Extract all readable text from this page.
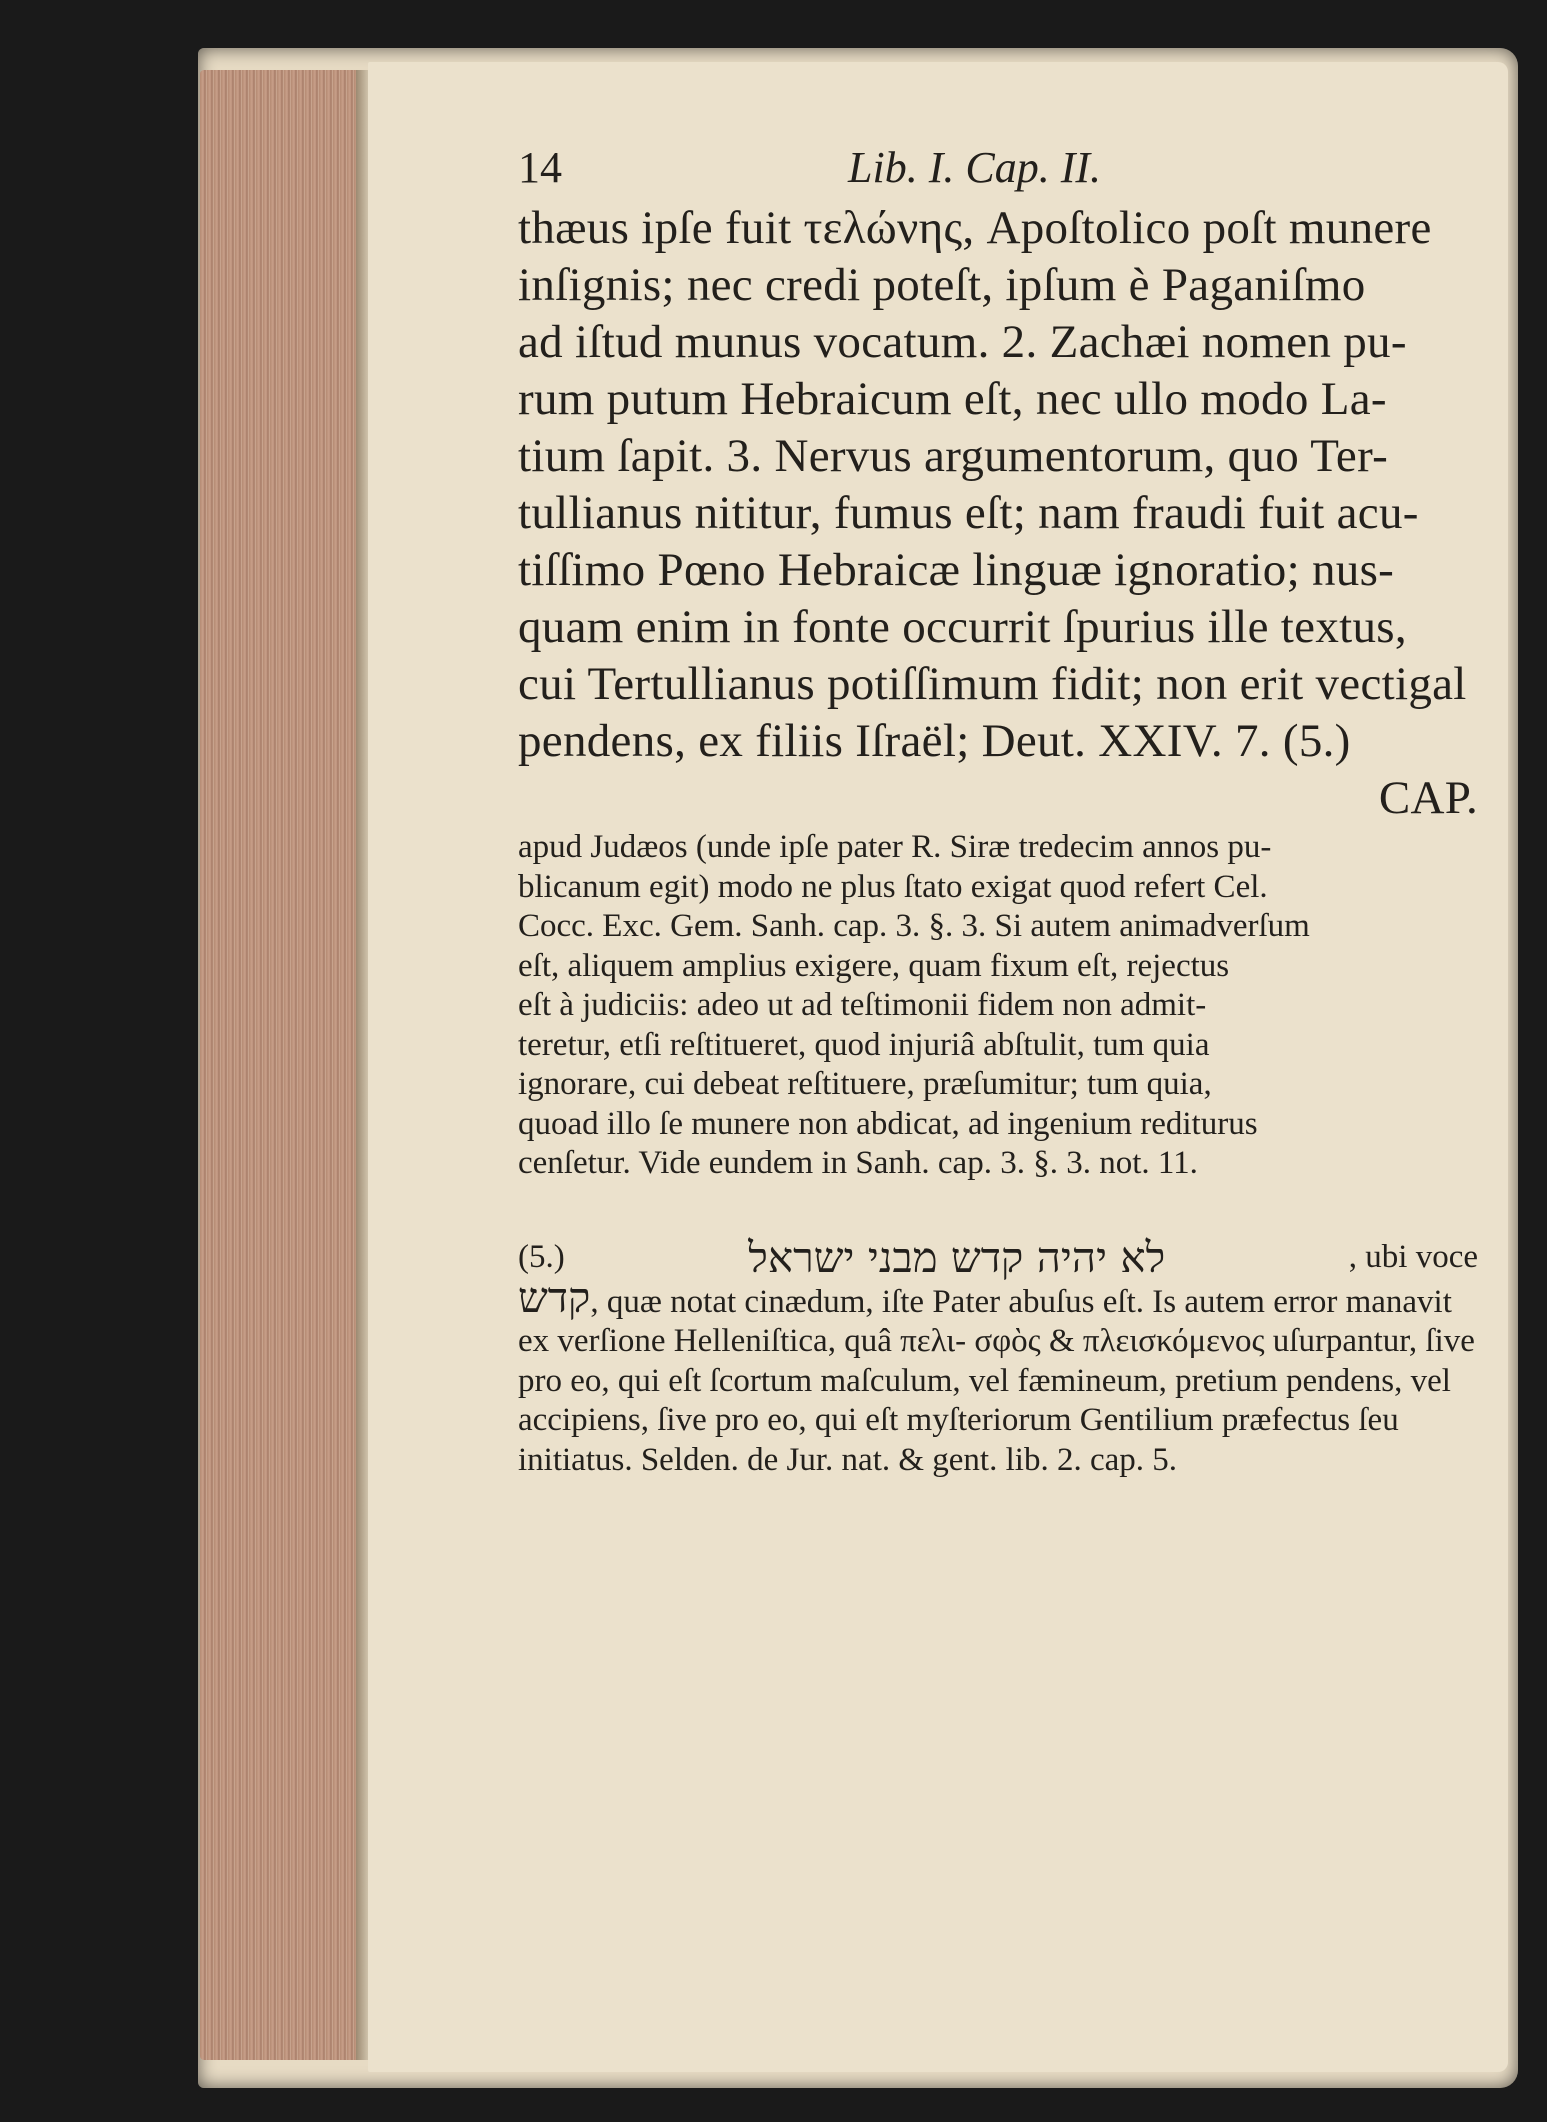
14	Lib. I. Cap. II.
thæus ipſe fuit τελώνης, Apoſtolico poſt munere
inſignis; nec credi poteſt, ipſum è Paganiſmo
ad iſtud munus vocatum. 2. Zachæi nomen pu-
rum putum Hebraicum eſt, nec ullo modo La-
tium ſapit. 3. Nervus argumentorum, quo Ter-
tullianus nititur, fumus eſt; nam fraudi fuit acu-
tiſſimo Pœno Hebraicæ linguæ ignoratio; nus-
quam enim in fonte occurrit ſpurius ille textus,
cui Tertullianus potiſſimum fidit; non erit vectigal
pendens, ex filiis Iſraël; Deut. XXIV. 7. (5.)
CAP.
apud Judæos (unde ipſe pater R. Siræ tredecim annos pu-
blicanum egit) modo ne plus ſtato exigat quod refert Cel.
Cocc. Exc. Gem. Sanh. cap. 3. §. 3. Si autem animadverſum
eſt, aliquem amplius exigere, quam fixum eſt, rejectus
eſt à judiciis: adeo ut ad teſtimonii fidem non admit-
teretur, etſi reſtitueret, quod injuriâ abſtulit, tum quia
ignorare, cui debeat reſtituere, præſumitur; tum quia,
quoad illo ſe munere non abdicat, ad ingenium rediturus
cenſetur. Vide eundem in Sanh. cap. 3. §. 3. not. 11.
(5.)	לא יהיה קדש מבני ישראל	, ubi voce
קדש, quæ notat cinædum, iſte Pater abuſus eſt. Is autem error manavit ex verſione Helleniſtica, quâ πελι- σφὸς & πλεισκόμενος uſurpantur, ſive pro eo, qui eſt ſcortum maſculum, vel fæmineum, pretium pendens, vel accipiens, ſive pro eo, qui eſt myſteriorum Gentilium præfectus ſeu initiatus. Selden. de Jur. nat. & gent. lib. 2. cap. 5.
